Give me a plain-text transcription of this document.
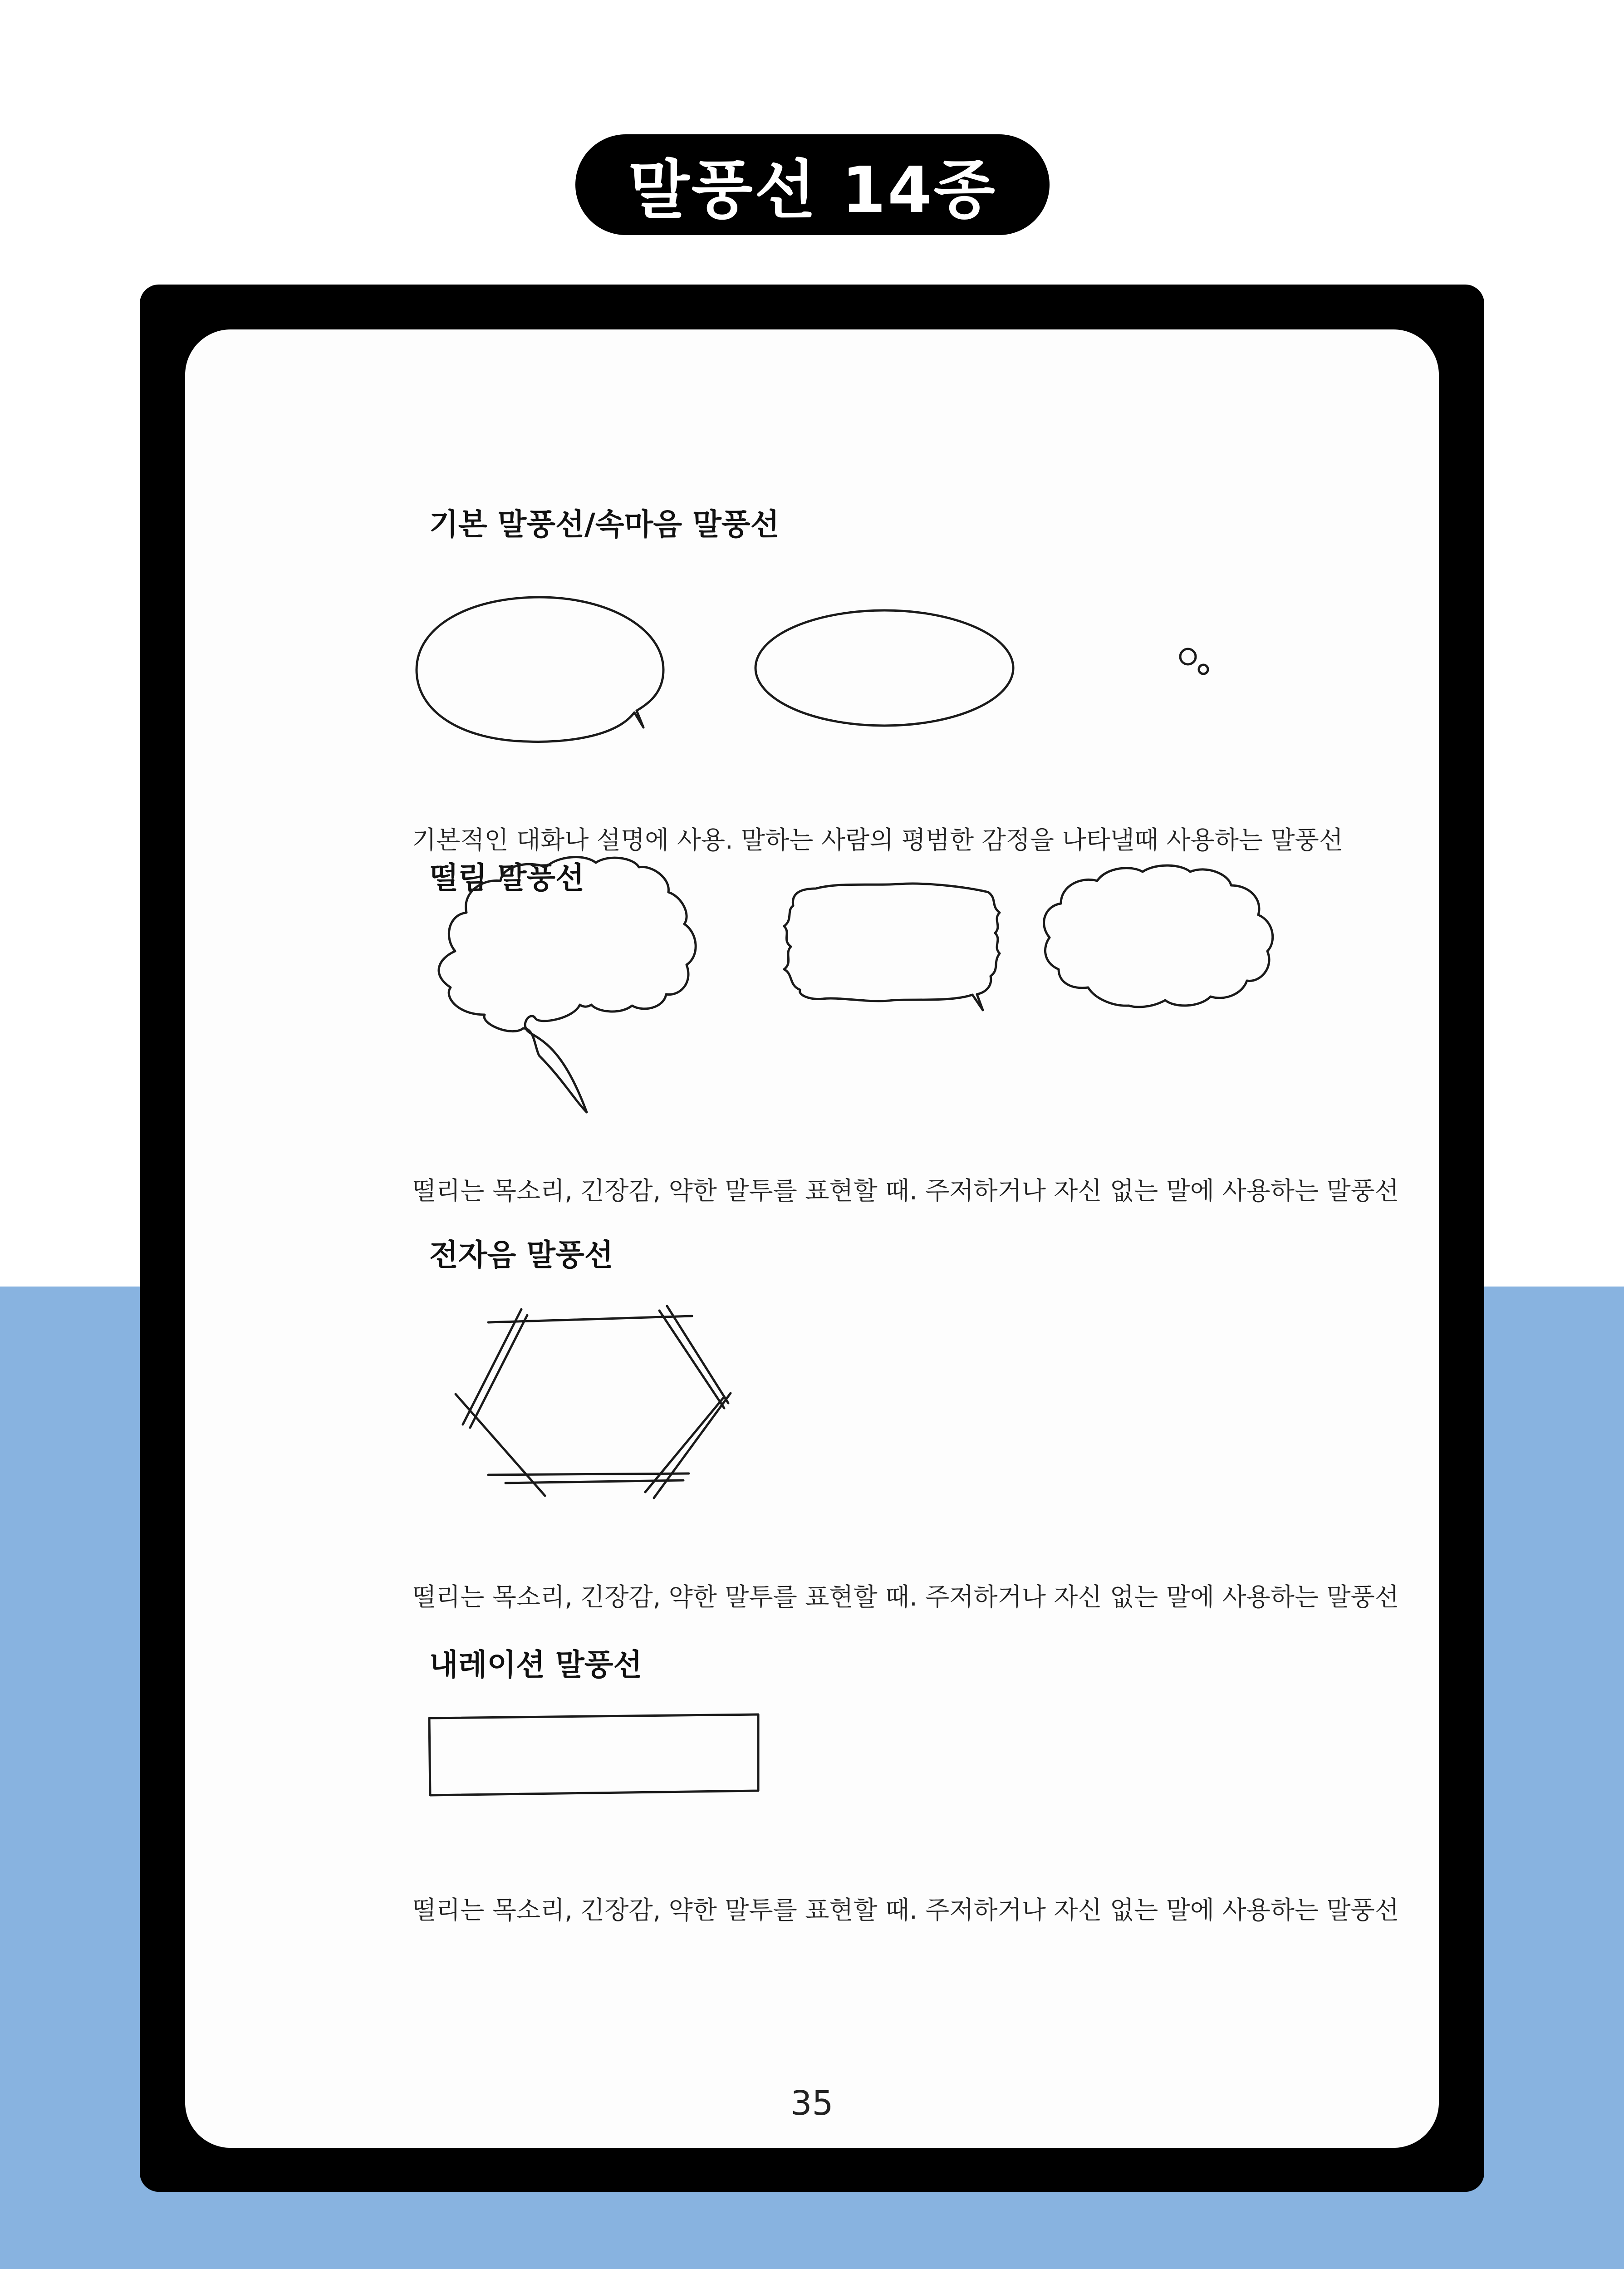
말풍선 14종
기본 말풍선/속마음 말풍선
기본적인 대화나 설명에 사용. 말하는 사람의 평범한 감정을 나타낼때 사용하는 말풍선
떨림 말풍선
떨리는 목소리, 긴장감, 약한 말투를 표현할 때. 주저하거나 자신 없는 말에 사용하는 말풍선
전자음 말풍선
떨리는 목소리, 긴장감, 약한 말투를 표현할 때. 주저하거나 자신 없는 말에 사용하는 말풍선
내레이션 말풍선
떨리는 목소리, 긴장감, 약한 말투를 표현할 때. 주저하거나 자신 없는 말에 사용하는 말풍선
35
